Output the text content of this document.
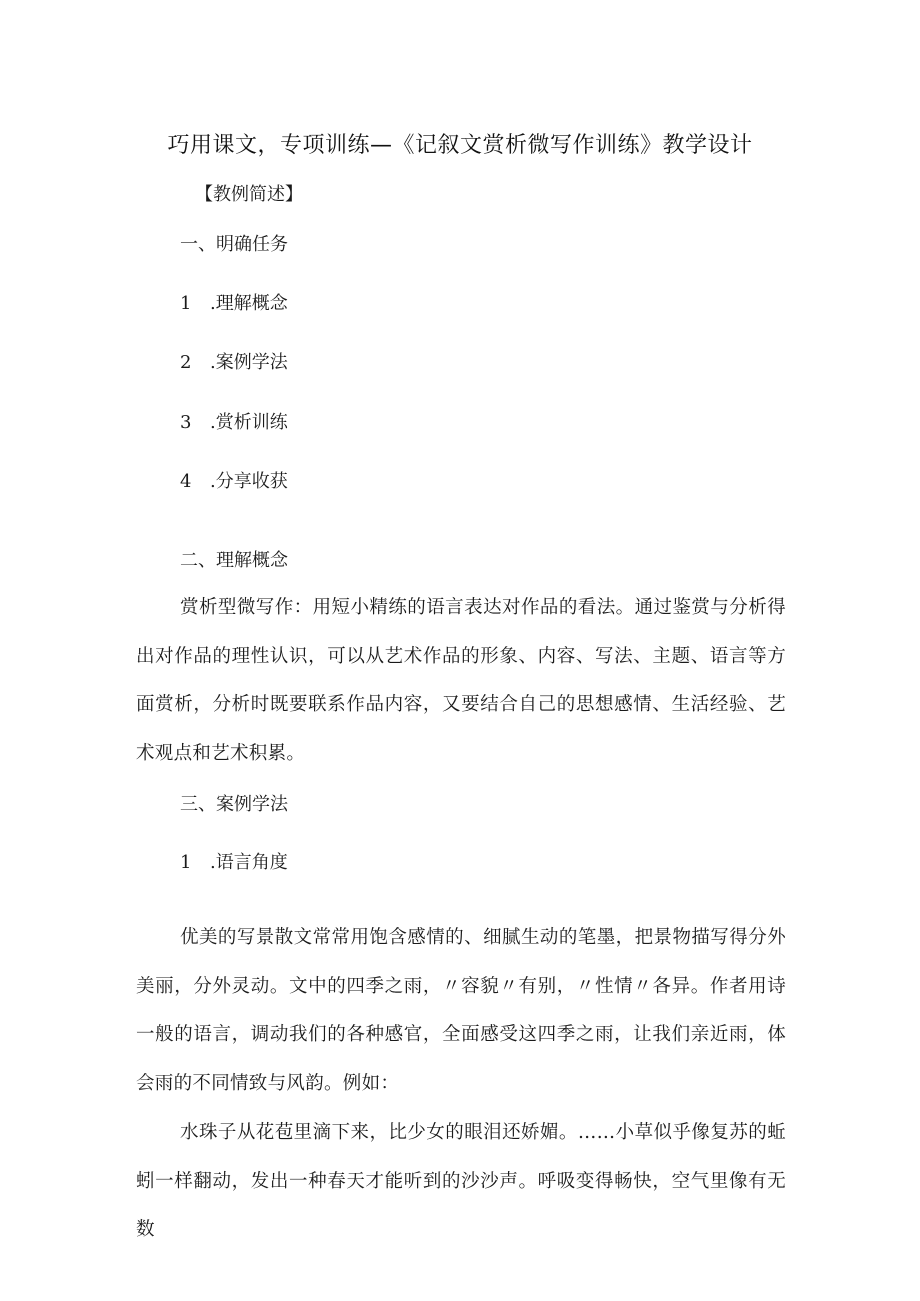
巧用课文，专项训练—《记叙文赏析微写作训练》教学设计
【教例简述】
一、明确任务
1 .理解概念
2 .案例学法
3 .赏析训练
4 .分享收获
二、理解概念
赏析型微写作：用短小精练的语言表达对作品的看法。通过鉴赏与分析得出对作品的理性认识，可以从艺术作品的形象、内容、写法、主题、语言等方面赏析，分析时既要联系作品内容，又要结合自己的思想感情、生活经验、艺术观点和艺术积累。
三、案例学法
1 .语言角度
优美的写景散文常常用饱含感情的、细腻生动的笔墨，把景物描写得分外美丽，分外灵动。文中的四季之雨，〃容貌〃有别，〃性情〃各异。作者用诗一般的语言，调动我们的各种感官，全面感受这四季之雨，让我们亲近雨，体会雨的不同情致与风韵。例如：
水珠子从花苞里滴下来，比少女的眼泪还娇媚。……小草似乎像复苏的蚯蚓一样翻动，发出一种春天才能听到的沙沙声。呼吸变得畅快，空气里像有无数
